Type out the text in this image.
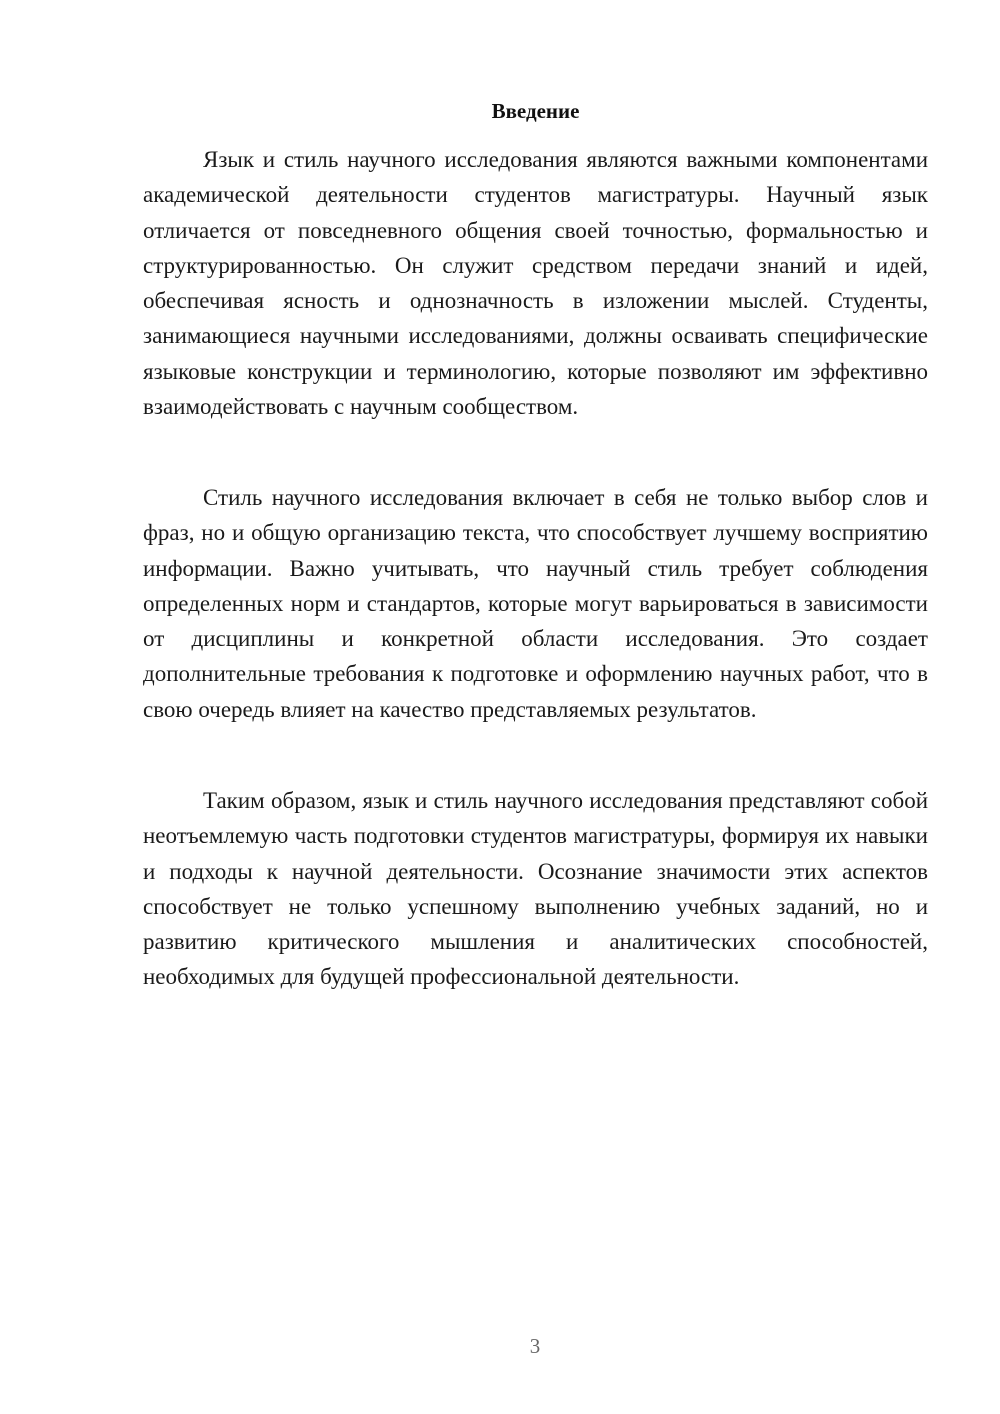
Введение

Язык и стиль научного исследования являются важными компонентами академической деятельности студентов магистратуры. Научный язык отличается от повседневного общения своей точностью, формальностью и структурированностью. Он служит средством передачи знаний и идей, обеспечивая ясность и однозначность в изложении мыслей. Студенты, занимающиеся научными исследованиями, должны осваивать специфические языковые конструкции и терминологию, которые позволяют им эффективно взаимодействовать с научным сообществом.

Стиль научного исследования включает в себя не только выбор слов и фраз, но и общую организацию текста, что способствует лучшему восприятию информации. Важно учитывать, что научный стиль требует соблюдения определенных норм и стандартов, которые могут варьироваться в зависимости от дисциплины и конкретной области исследования. Это создает дополнительные требования к подготовке и оформлению научных работ, что в свою очередь влияет на качество представляемых результатов.

Таким образом, язык и стиль научного исследования представляют собой неотъемлемую часть подготовки студентов магистратуры, формируя их навыки и подходы к научной деятельности. Осознание значимости этих аспектов способствует не только успешному выполнению учебных заданий, но и развитию критического мышления и аналитических способностей, необходимых для будущей профессиональной деятельности.

3
